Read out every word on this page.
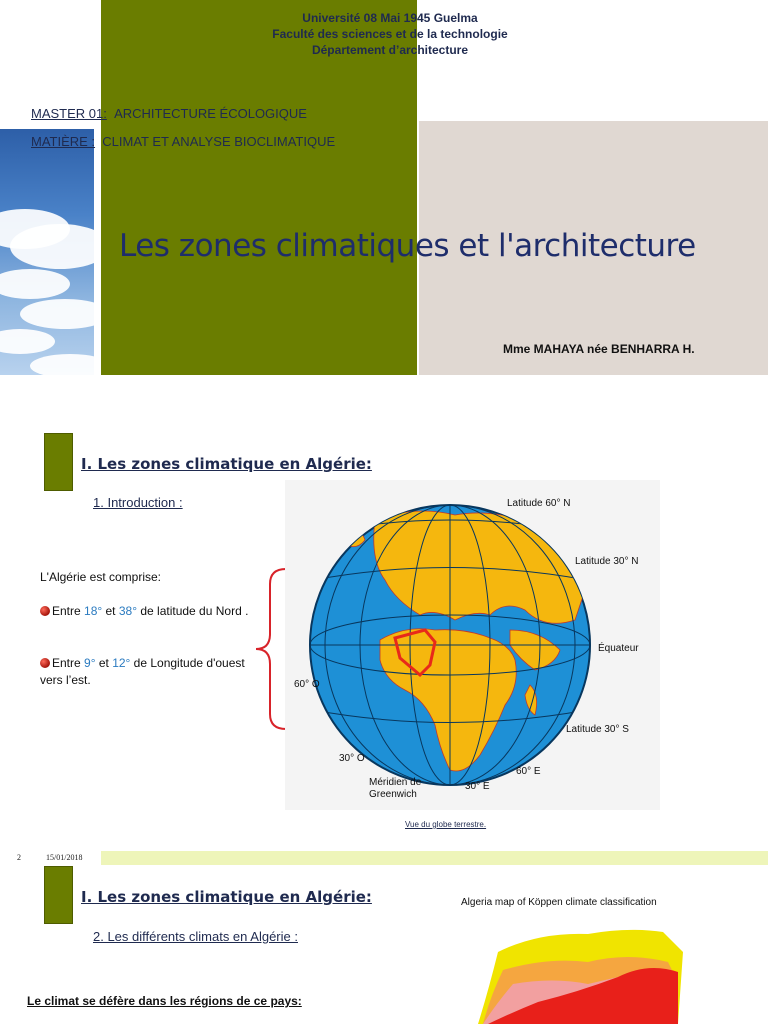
Université 08 Mai 1945 Guelma
Faculté des sciences et de la technologie
Département d’architecture
MASTER 01: ARCHITECTURE ÉCOLOGIQUE
MATIÈRE : CLIMAT ET ANALYSE BIOCLIMATIQUE
Les zones climatiques et l'architecture
Mme MAHAYA née BENHARRA H.
I. Les zones climatique en Algérie:
1. Introduction :
L'Algérie est comprise:
Entre 18° et 38° de latitude du Nord .
Entre 9° et 12° de Longitude d'ouest vers l’est.
Latitude 60° N
Latitude 30° N
Équateur
Latitude 30° S
60° O
30° O
60° E
30° E
Méridien de Greenwich
Vue du globe terrestre.
2	15/01/2018
I. Les zones climatique en Algérie:
2. Les différents climats en Algérie :
Algeria map of Köppen climate classification
Le climat se défère dans les régions de ce pays:
